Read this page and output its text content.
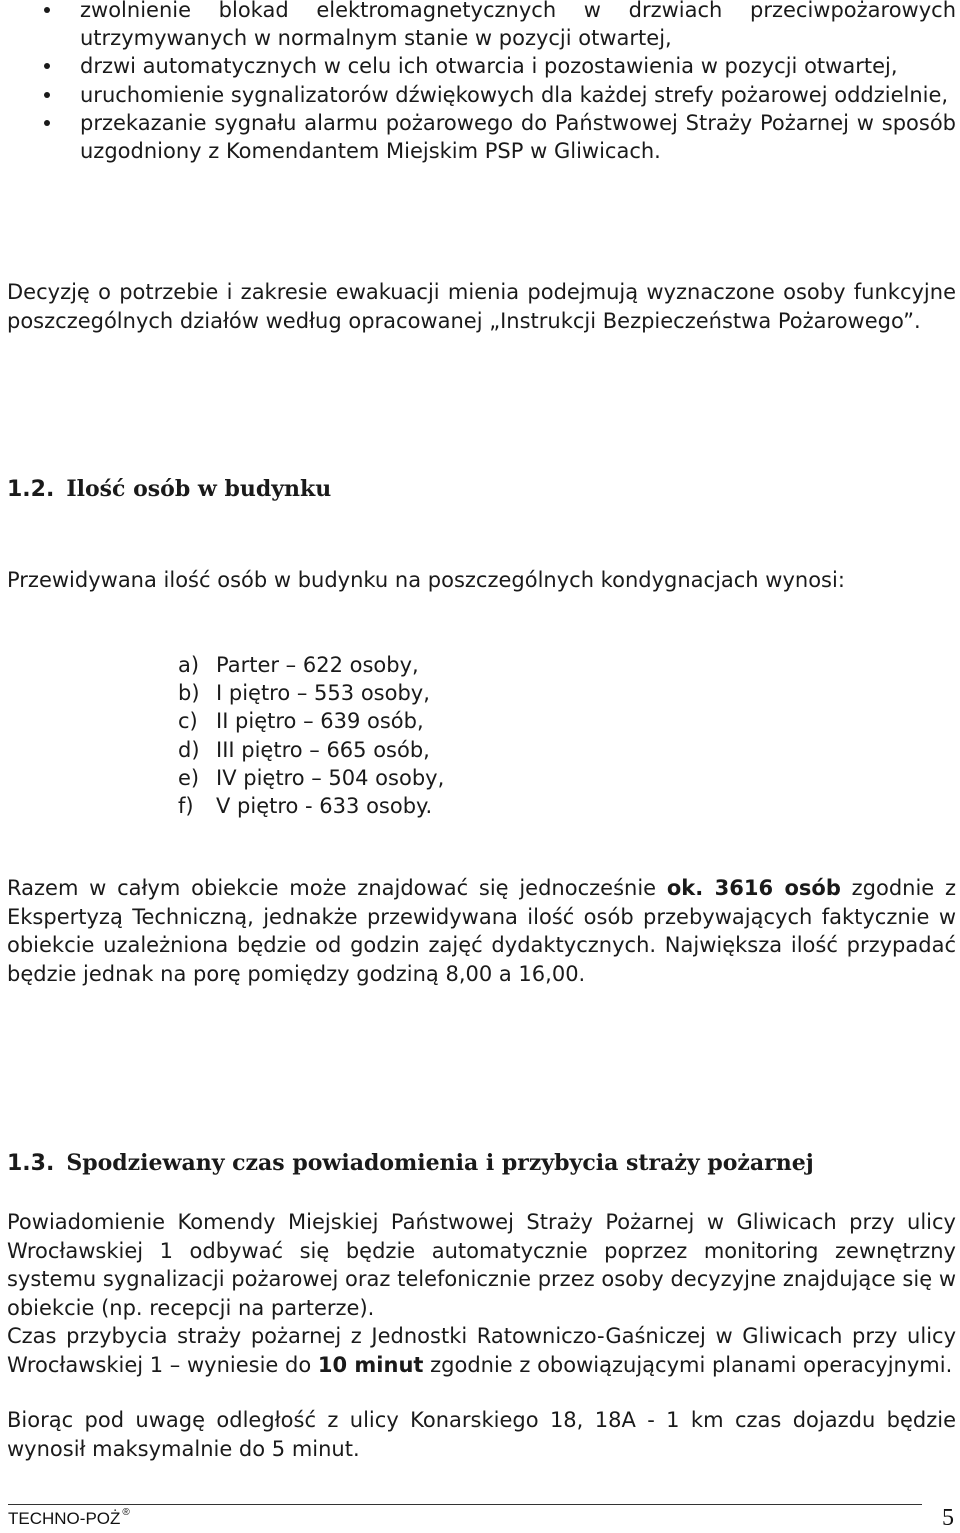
zwolnienie blokad elektromagnetycznych w drzwiach przeciwpożarowych utrzymywanych w normalnym stanie w pozycji otwartej,
drzwi automatycznych w celu ich otwarcia i pozostawienia w pozycji otwartej,
uruchomienie sygnalizatorów dźwiękowych dla każdej strefy pożarowej oddzielnie,
przekazanie sygnału alarmu pożarowego do Państwowej Straży Pożarnej w sposób uzgodniony z Komendantem Miejskim PSP w Gliwicach.
Decyzję o potrzebie i zakresie ewakuacji mienia podejmują wyznaczone osoby funkcyjne poszczególnych działów według opracowanej „Instrukcji Bezpieczeństwa Pożarowego”.
1.2. Ilość osób w budynku
Przewidywana ilość osób w budynku na poszczególnych kondygnacjach wynosi:
a) Parter – 622 osoby,
b) I piętro – 553 osoby,
c) II piętro – 639 osób,
d) III piętro – 665 osób,
e) IV piętro – 504 osoby,
f) V piętro - 633 osoby.
Razem w całym obiekcie może znajdować się jednocześnie ok. 3616 osób zgodnie z Ekspertyzą Techniczną, jednakże przewidywana ilość osób przebywających faktycznie w obiekcie uzależniona będzie od godzin zajęć dydaktycznych. Największa ilość przypadać będzie jednak na porę pomiędzy godziną 8,00 a 16,00.
1.3. Spodziewany czas powiadomienia i przybycia straży pożarnej
Powiadomienie Komendy Miejskiej Państwowej Straży Pożarnej w Gliwicach przy ulicy Wrocławskiej 1 odbywać się będzie automatycznie poprzez monitoring zewnętrzny systemu sygnalizacji pożarowej oraz telefonicznie przez osoby decyzyjne znajdujące się w obiekcie (np. recepcji na parterze).
Czas przybycia straży pożarnej z Jednostki Ratowniczo-Gaśniczej w Gliwicach przy ulicy Wrocławskiej 1 – wyniesie do 10 minut zgodnie z obowiązującymi planami operacyjnymi.
Biorąc pod uwagę odległość z ulicy Konarskiego 18, 18A - 1 km czas dojazdu będzie wynosił maksymalnie do 5 minut.
TECHNO-POŻ ®	5
